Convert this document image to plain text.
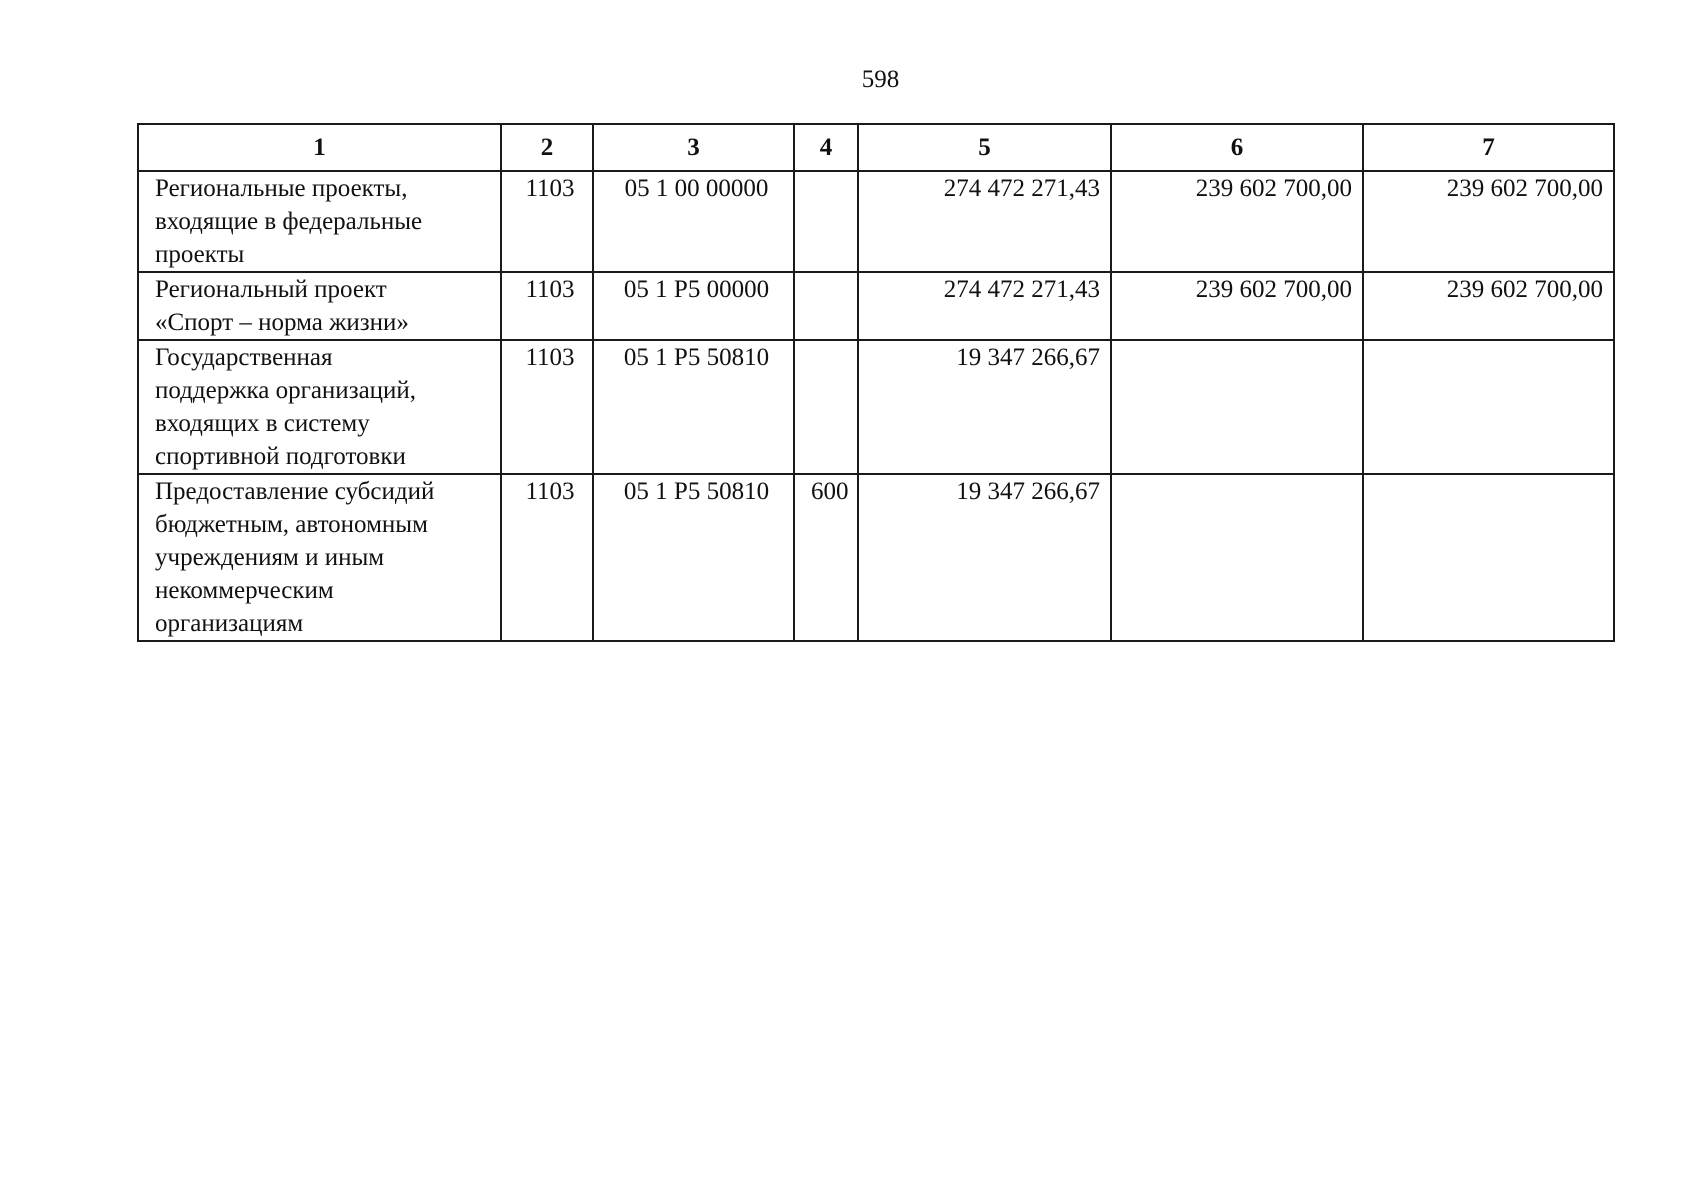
598
1	2	3	4	5	6	7

Региональные проекты,
входящие в федеральные
проекты	1103	05 1 00 00000		274 472 271,43	239 602 700,00	239 602 700,00

Региональный проект
«Спорт – норма жизни»	1103	05 1 P5 00000		274 472 271,43	239 602 700,00	239 602 700,00

Государственная
поддержка организаций,
входящих в систему
спортивной подготовки	1103	05 1 P5 50810		19 347 266,67		

Предоставление субсидий
бюджетным, автономным
учреждениям и иным
некоммерческим
организациям	1103	05 1 P5 50810	600	19 347 266,67		
